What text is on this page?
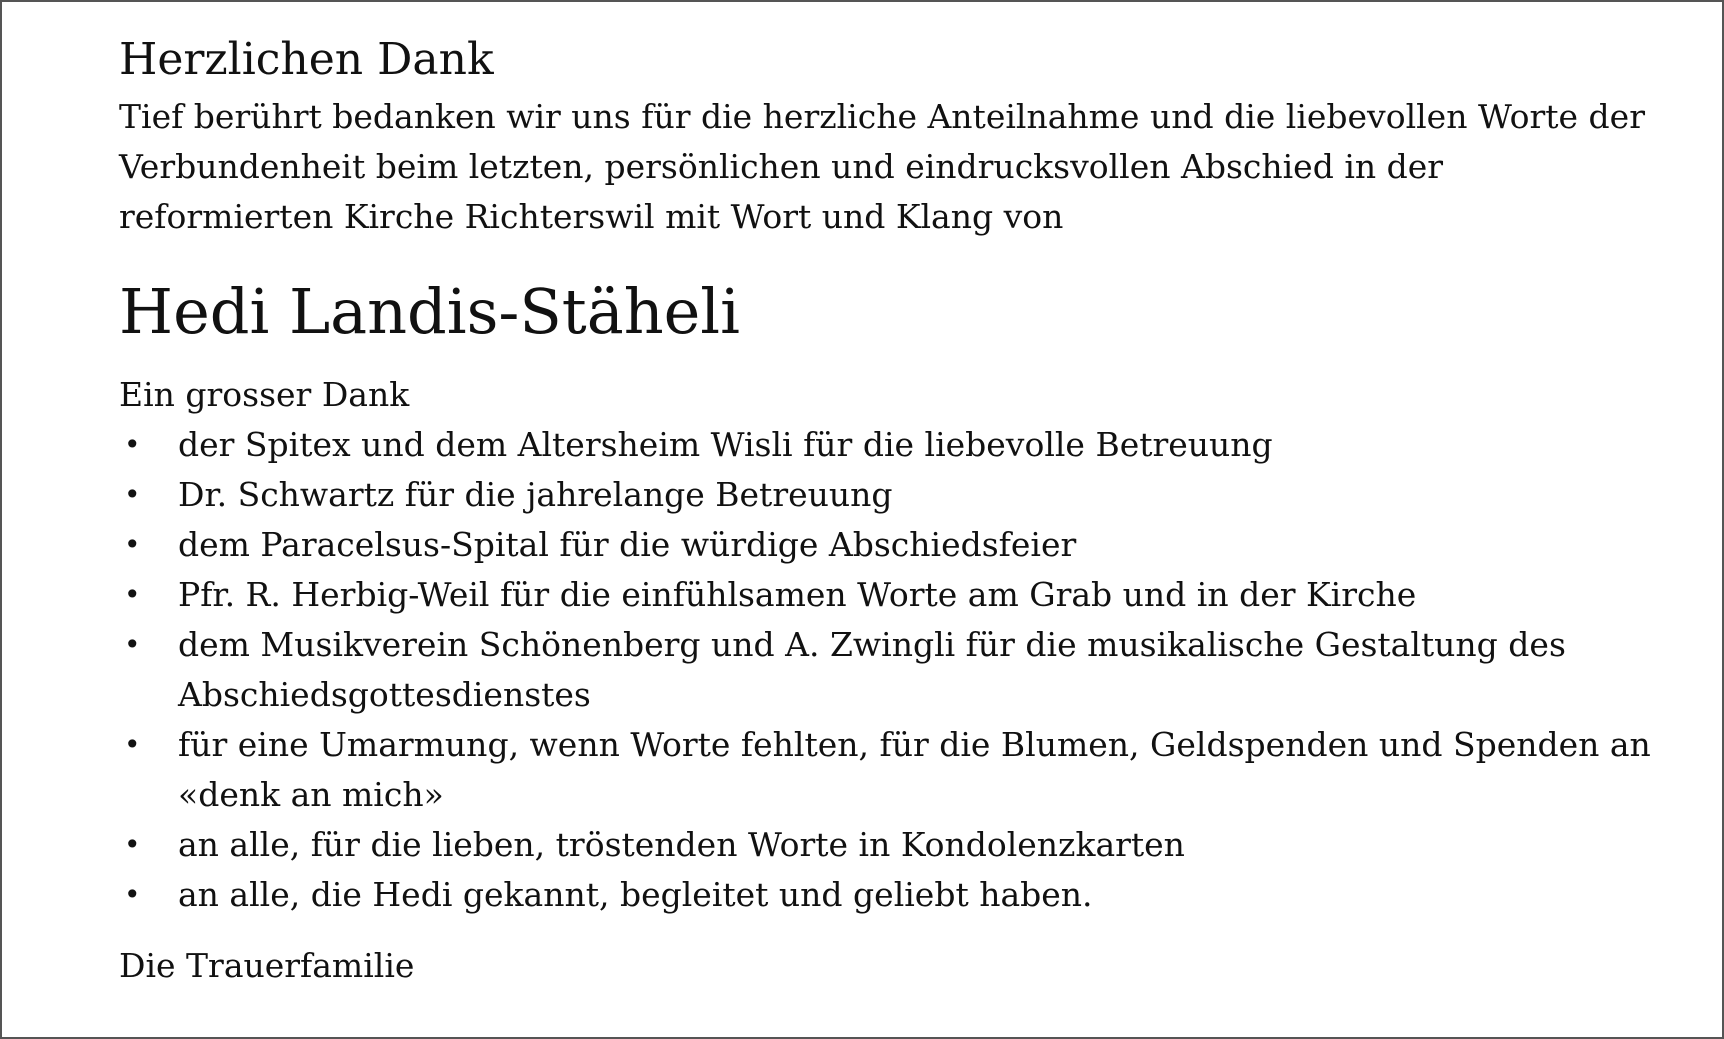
Herzlichen Dank

Tief berührt bedanken wir uns für die herzliche Anteilnahme und die liebevollen Worte der Verbundenheit beim letzten, persönlichen und eindrucksvollen Abschied in der reformierten Kirche Richterswil mit Wort und Klang von

Hedi Landis-Stäheli

Ein grosser Dank

• der Spitex und dem Altersheim Wisli für die liebevolle Betreuung
• Dr. Schwartz für die jahrelange Betreuung
• dem Paracelsus-Spital für die würdige Abschiedsfeier
• Pfr. R. Herbig-Weil für die einfühlsamen Worte am Grab und in der Kirche
• dem Musikverein Schönenberg und A. Zwingli für die musikalische Gestaltung des Abschiedsgottesdienstes
• für eine Umarmung, wenn Worte fehlten, für die Blumen, Geldspenden und Spenden an «denk an mich»
• an alle, für die lieben, tröstenden Worte in Kondolenzkarten
• an alle, die Hedi gekannt, begleitet und geliebt haben.

Die Trauerfamilie
